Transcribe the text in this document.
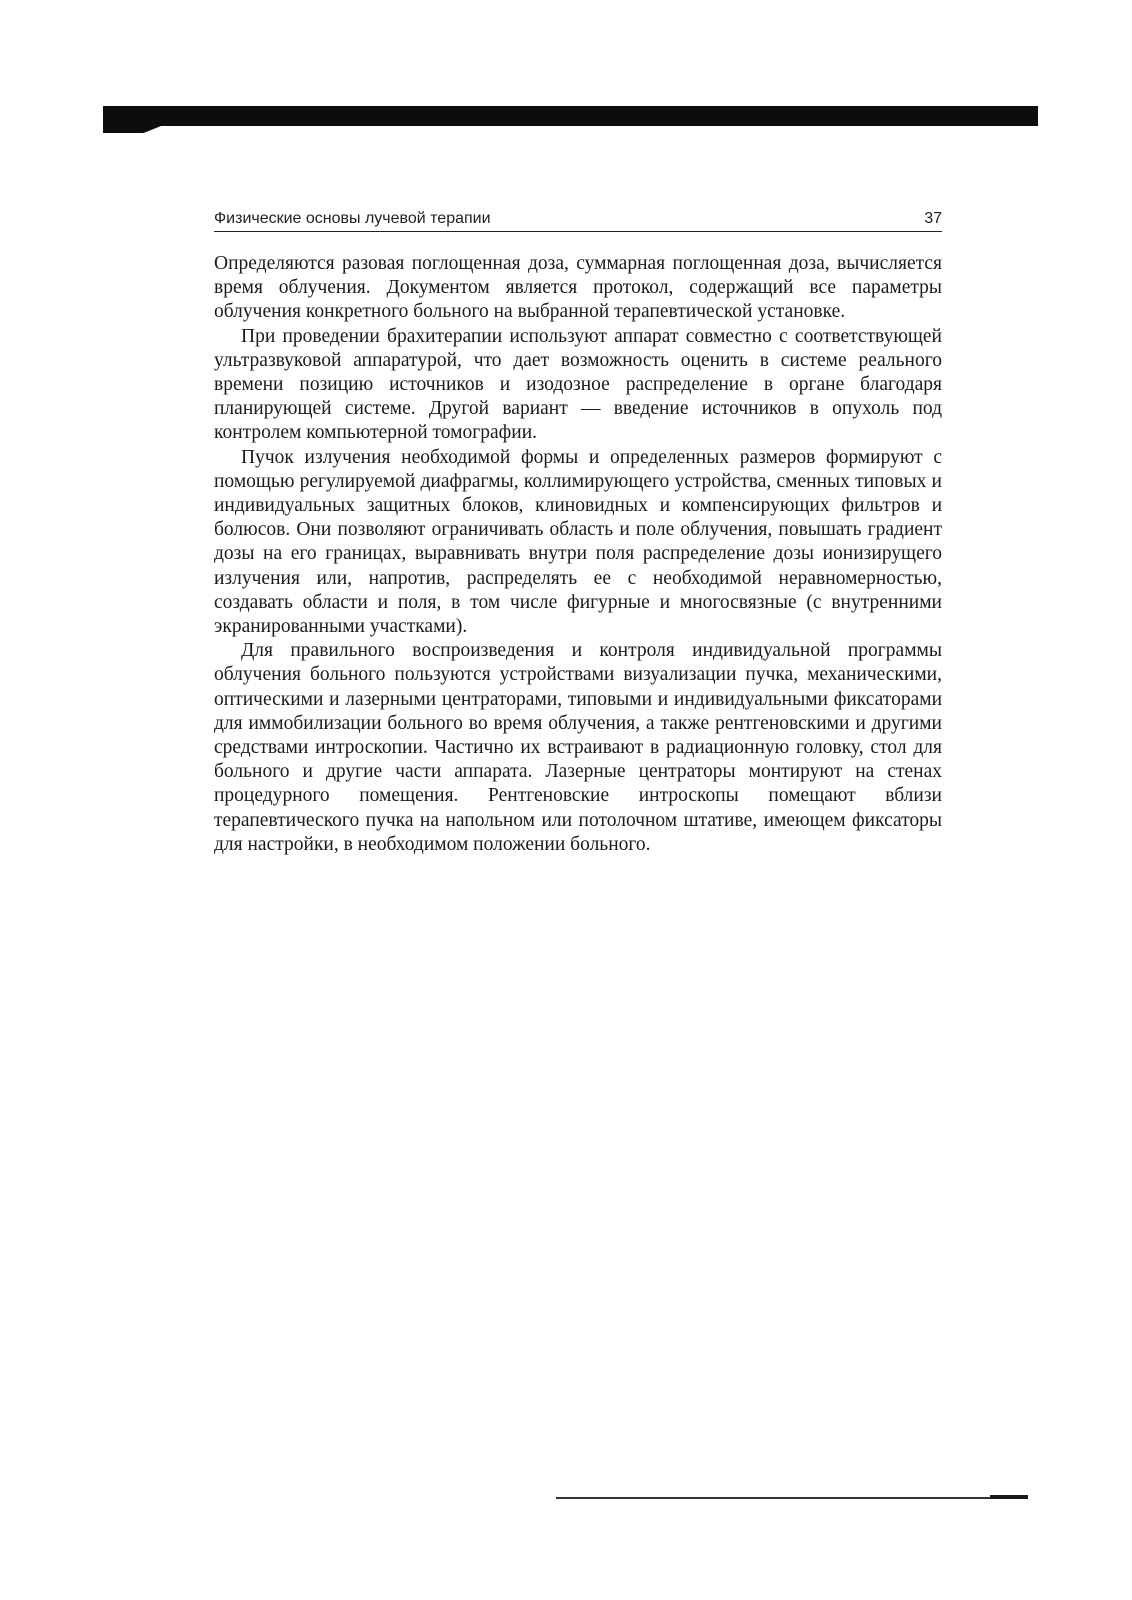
Физические основы лучевой терапии	37

Определяются разовая поглощенная доза, суммарная поглощенная доза, вычисляется время облучения. Документом является протокол, содержащий все параметры облучения конкретного больного на выбранной терапевтической установке.

При проведении брахитерапии используют аппарат совместно с соответствующей ультразвуковой аппаратурой, что дает возможность оценить в системе реального времени позицию источников и изодозное распределение в органе благодаря планирующей системе. Другой вариант — введение источников в опухоль под контролем компьютерной томографии.

Пучок излучения необходимой формы и определенных размеров формируют с помощью регулируемой диафрагмы, коллимирующего устройства, сменных типовых и индивидуальных защитных блоков, клиновидных и компенсирующих фильтров и болюсов. Они позволяют ограничивать область и поле облучения, повышать градиент дозы на его границах, выравнивать внутри поля распределение дозы ионизирущего излучения или, напротив, распределять ее с необходимой неравномерностью, создавать области и поля, в том числе фигурные и многосвязные (с внутренними экранированными участками).

Для правильного воспроизведения и контроля индивидуальной программы облучения больного пользуются устройствами визуализации пучка, механическими, оптическими и лазерными центраторами, типовыми и индивидуальными фиксаторами для иммобилизации больного во время облучения, а также рентгеновскими и другими средствами интроскопии. Частично их встраивают в радиационную головку, стол для больного и другие части аппарата. Лазерные центраторы монтируют на стенах процедурного помещения. Рентгеновские интроскопы помещают вблизи терапевтического пучка на напольном или потолочном штативе, имеющем фиксаторы для настройки, в необходимом положении больного.
